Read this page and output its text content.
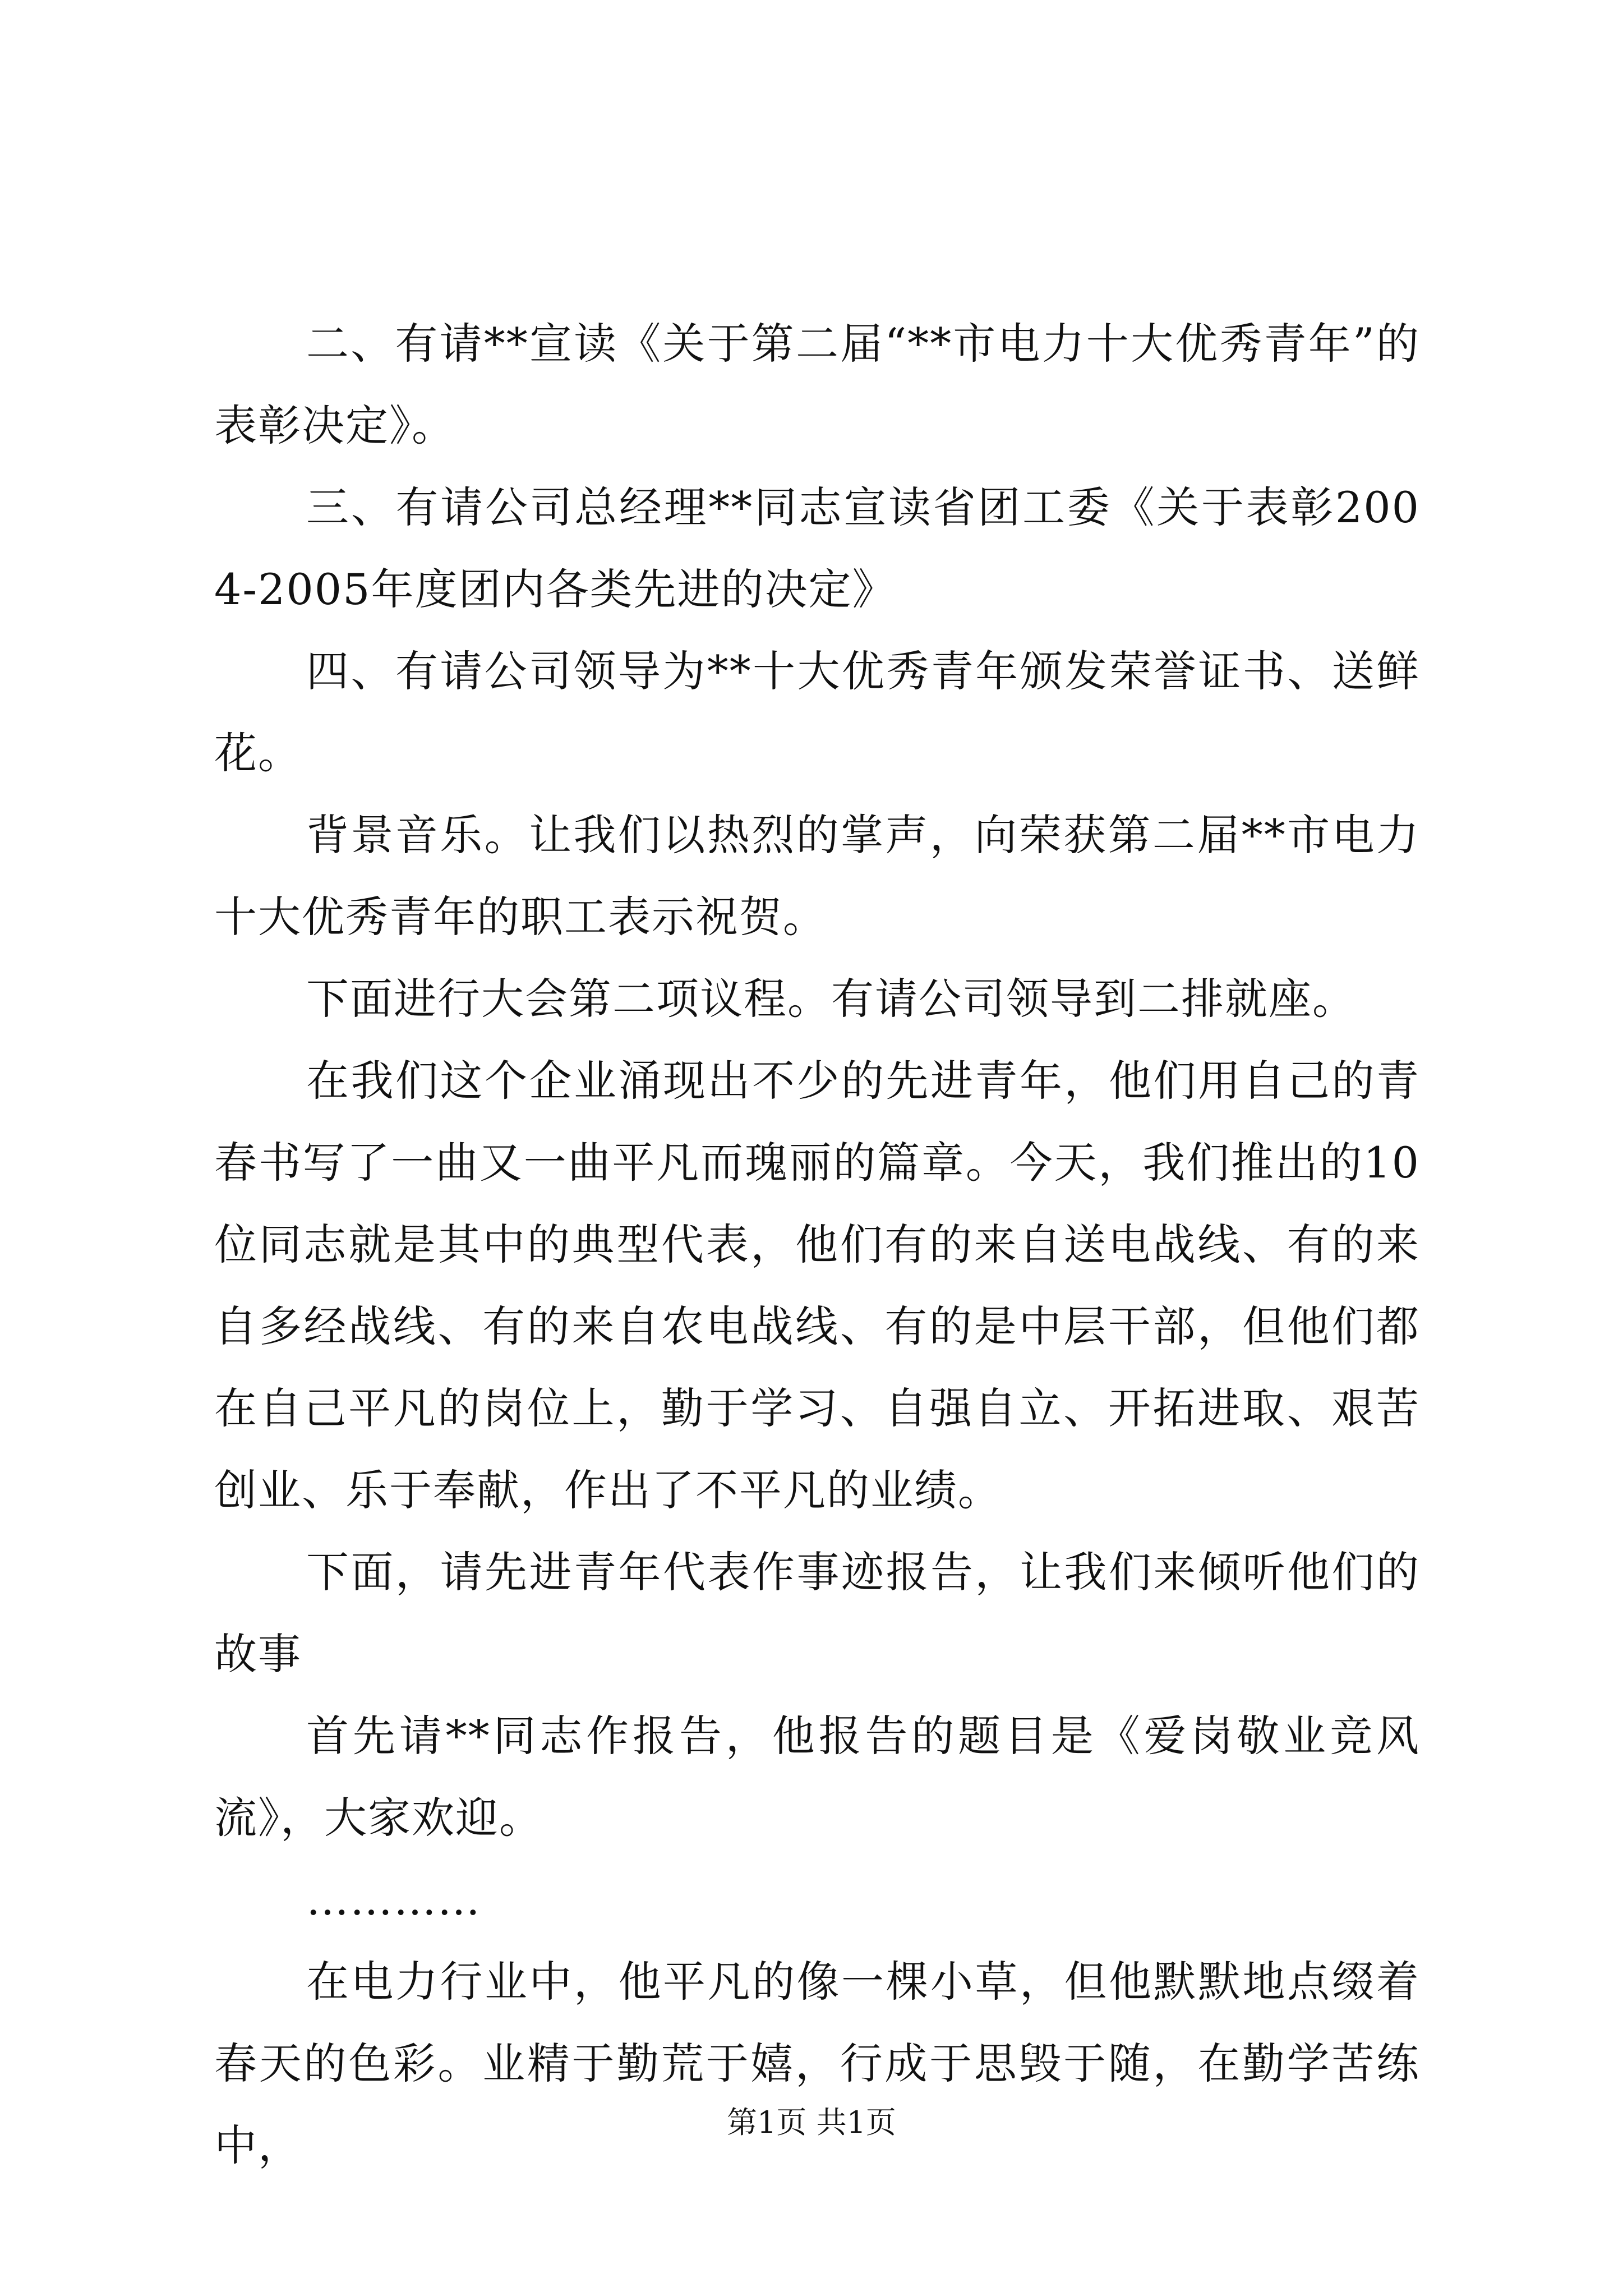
二、有请**宣读《关于第二届“**市电力十大优秀青年”的表彰决定》。

三、有请公司总经理**同志宣读省团工委《关于表彰2004-2005年度团内各类先进的决定》

四、有请公司领导为**十大优秀青年颁发荣誉证书、送鲜花。

背景音乐。让我们以热烈的掌声，向荣获第二届**市电力十大优秀青年的职工表示祝贺。

下面进行大会第二项议程。有请公司领导到二排就座。

在我们这个企业涌现出不少的先进青年，他们用自己的青春书写了一曲又一曲平凡而瑰丽的篇章。今天，我们推出的10位同志就是其中的典型代表，他们有的来自送电战线、有的来自多经战线、有的来自农电战线、有的是中层干部，但他们都在自己平凡的岗位上，勤于学习、自强自立、开拓进取、艰苦创业、乐于奉献，作出了不平凡的业绩。

下面，请先进青年代表作事迹报告，让我们来倾听他们的故事

首先请**同志作报告，他报告的题目是《爱岗敬业竞风流》，大家欢迎。

…………

在电力行业中，他平凡的像一棵小草，但他默默地点缀着春天的色彩。业精于勤荒于嬉，行成于思毁于随，在勤学苦练中，	第1页 共1页
